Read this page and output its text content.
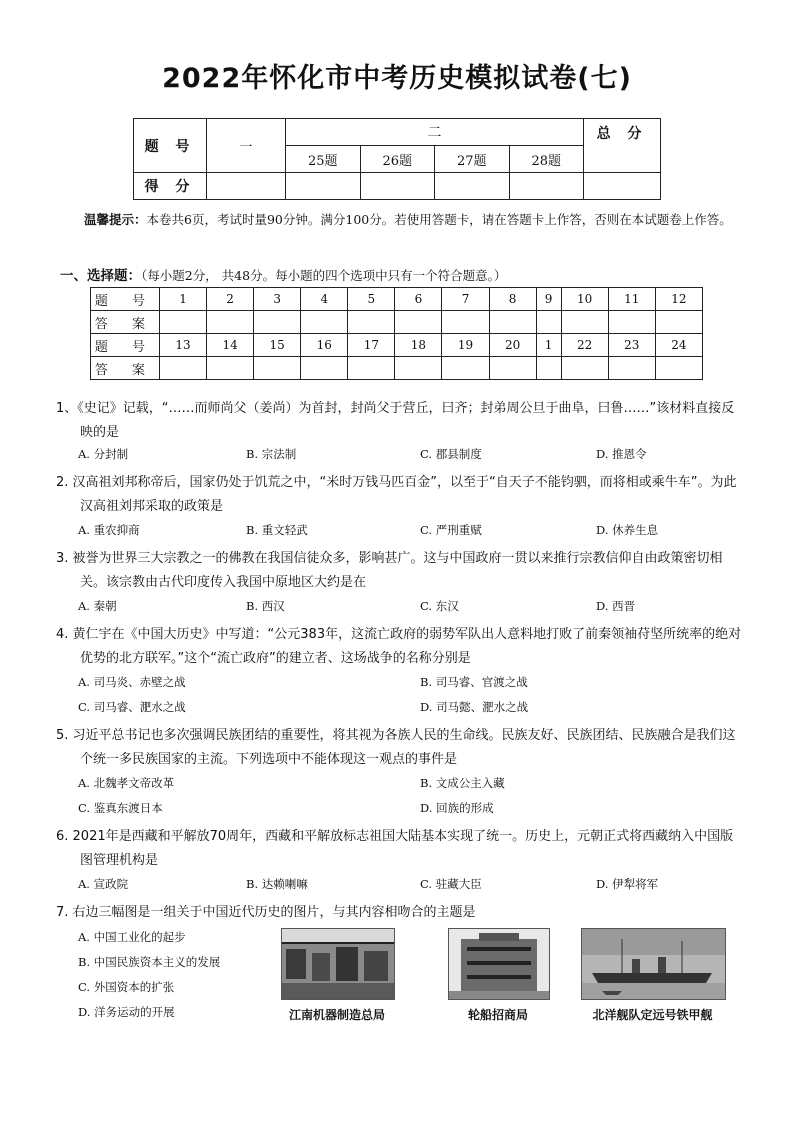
2022年怀化市中考历史模拟试卷(七)
题 号	一	二				总 分
		25题	26题	27题	28题	
得 分						
温馨提示：本卷共6页，考试时量90分钟。满分100分。若使用答题卡，请在答题卡上作答，否则在本试题卷上作答。
一、选择题：（每小题2分， 共48分。每小题的四个选项中只有一个符合题意。）
题 号	1	2	3	4	5	6	7	8	9	10	11	12
答 案												
题 号	13	14	15	16	17	18	19	20	1	22	23	24
答 案												
1、《史记》记载，“……而师尚父（姜尚）为首封，封尚父于营丘，曰齐；封弟周公旦于曲阜，曰鲁……”该材料直接反映的是
A. 分封制	B. 宗法制	C. 郡县制度	D. 推恩令
2. 汉高祖刘邦称帝后，国家仍处于饥荒之中，“米时万钱马匹百金”，以至于“自天子不能钧驷，而将相或乘牛车”。为此汉高祖刘邦采取的政策是
A. 重农抑商	B. 重文轻武	C. 严刑重赋	D. 休养生息
3. 被誉为世界三大宗教之一的佛教在我国信徒众多，影响甚广。这与中国政府一贯以来推行宗教信仰自由政策密切相关。该宗教由古代印度传入我国中原地区大约是在
A. 秦朝	B. 西汉	C. 东汉	D. 西晋
4. 黄仁宇在《中国大历史》中写道：“公元383年，这流亡政府的弱势军队出人意料地打败了前秦领袖苻坚所统率的绝对优势的北方联军。”这个“流亡政府”的建立者、这场战争的名称分别是
A. 司马炎、赤壁之战	B. 司马睿、官渡之战
C. 司马睿、淝水之战	D. 司马懿、淝水之战
5. 习近平总书记也多次强调民族团结的重要性，将其视为各族人民的生命线。民族友好、民族团结、民族融合是我们这个统一多民族国家的主流。下列选项中不能体现这一观点的事件是
A. 北魏孝文帝改革	B. 文成公主入藏
C. 鉴真东渡日本	D. 回族的形成
6. 2021年是西藏和平解放70周年，西藏和平解放标志祖国大陆基本实现了统一。历史上，元朝正式将西藏纳入中国版图管理机构是
A. 宣政院	B. 达赖喇嘛	C. 驻藏大臣	D. 伊犁将军
7. 右边三幅图是一组关于中国近代历史的图片，与其内容相吻合的主题是
A. 中国工业化的起步
B. 中国民族资本主义的发展
C. 外国资本的扩张
D. 洋务运动的开展	江南机器制造总局	轮船招商局	北洋舰队定远号铁甲舰
